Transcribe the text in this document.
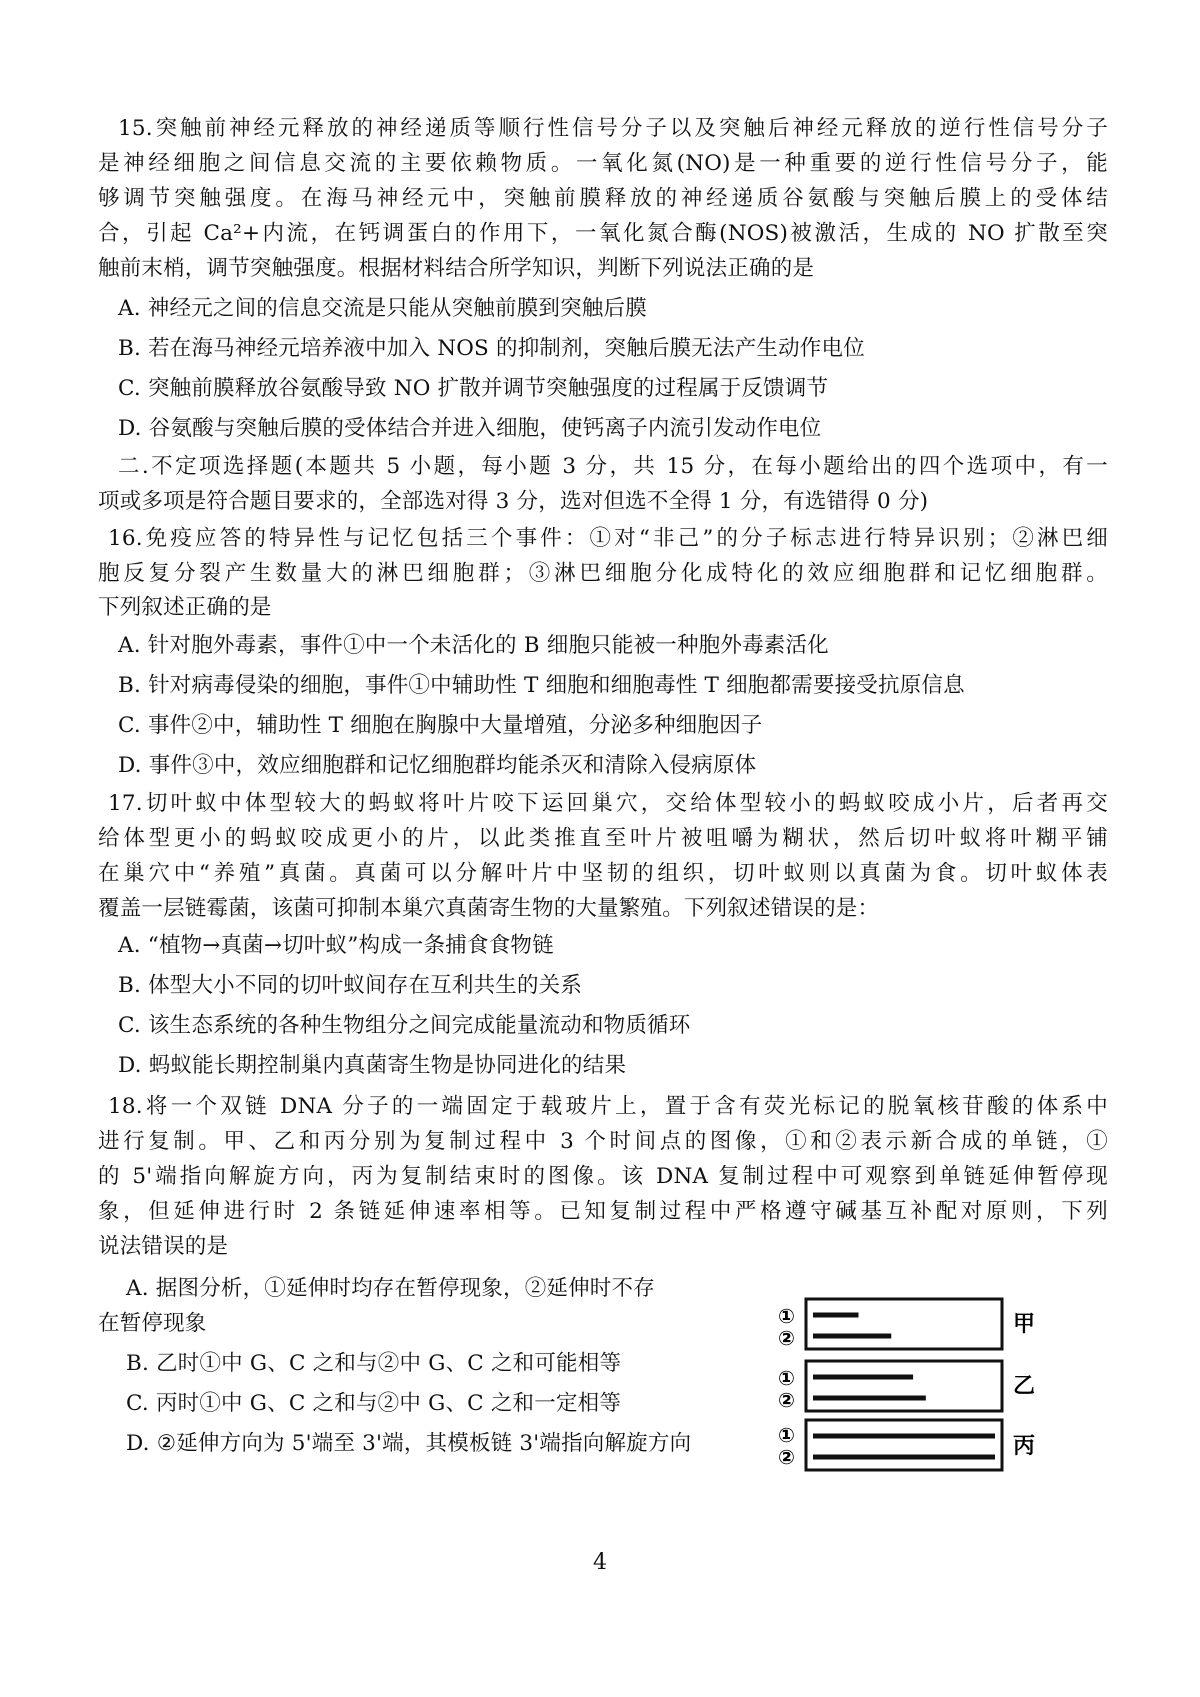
15.突触前神经元释放的神经递质等顺行性信号分子以及突触后神经元释放的逆行性信号分子
是神经细胞之间信息交流的主要依赖物质。一氧化氮(NO)是一种重要的逆行性信号分子，能
够调节突触强度。在海马神经元中，突触前膜释放的神经递质谷氨酸与突触后膜上的受体结
合，引起 Ca²+内流，在钙调蛋白的作用下，一氧化氮合酶(NOS)被激活，生成的 NO 扩散至突
触前末梢，调节突触强度。根据材料结合所学知识，判断下列说法正确的是
A. 神经元之间的信息交流是只能从突触前膜到突触后膜
B. 若在海马神经元培养液中加入 NOS 的抑制剂，突触后膜无法产生动作电位
C. 突触前膜释放谷氨酸导致 NO 扩散并调节突触强度的过程属于反馈调节
D. 谷氨酸与突触后膜的受体结合并进入细胞，使钙离子内流引发动作电位
二.不定项选择题(本题共 5 小题，每小题 3 分，共 15 分，在每小题给出的四个选项中，有一
项或多项是符合题目要求的，全部选对得 3 分，选对但选不全得 1 分，有选错得 0 分)
16.免疫应答的特异性与记忆包括三个事件：①对“非己”的分子标志进行特异识别；②淋巴细
胞反复分裂产生数量大的淋巴细胞群；③淋巴细胞分化成特化的效应细胞群和记忆细胞群。
下列叙述正确的是
A. 针对胞外毒素，事件①中一个未活化的 B 细胞只能被一种胞外毒素活化
B. 针对病毒侵染的细胞，事件①中辅助性 T 细胞和细胞毒性 T 细胞都需要接受抗原信息
C. 事件②中，辅助性 T 细胞在胸腺中大量增殖，分泌多种细胞因子
D. 事件③中，效应细胞群和记忆细胞群均能杀灭和清除入侵病原体
17.切叶蚁中体型较大的蚂蚁将叶片咬下运回巢穴，交给体型较小的蚂蚁咬成小片，后者再交
给体型更小的蚂蚁咬成更小的片，以此类推直至叶片被咀嚼为糊状，然后切叶蚁将叶糊平铺
在巢穴中“养殖”真菌。真菌可以分解叶片中坚韧的组织，切叶蚁则以真菌为食。切叶蚁体表
覆盖一层链霉菌，该菌可抑制本巢穴真菌寄生物的大量繁殖。下列叙述错误的是：
A. “植物→真菌→切叶蚁”构成一条捕食食物链
B. 体型大小不同的切叶蚁间存在互利共生的关系
C. 该生态系统的各种生物组分之间完成能量流动和物质循环
D. 蚂蚁能长期控制巢内真菌寄生物是协同进化的结果
18.将一个双链 DNA 分子的一端固定于载玻片上，置于含有荧光标记的脱氧核苷酸的体系中
进行复制。甲、乙和丙分别为复制过程中 3 个时间点的图像，①和②表示新合成的单链，①
的 5'端指向解旋方向，丙为复制结束时的图像。该 DNA 复制过程中可观察到单链延伸暂停现
象，但延伸进行时 2 条链延伸速率相等。已知复制过程中严格遵守碱基互补配对原则，下列
说法错误的是
A. 据图分析，①延伸时均存在暂停现象，②延伸时不存
在暂停现象
B. 乙时①中 G、C 之和与②中 G、C 之和可能相等
C. 丙时①中 G、C 之和与②中 G、C 之和一定相等
D. ②延伸方向为 5'端至 3'端，其模板链 3'端指向解旋方向
①
②
甲
①
②
乙
①
②	丙
4
